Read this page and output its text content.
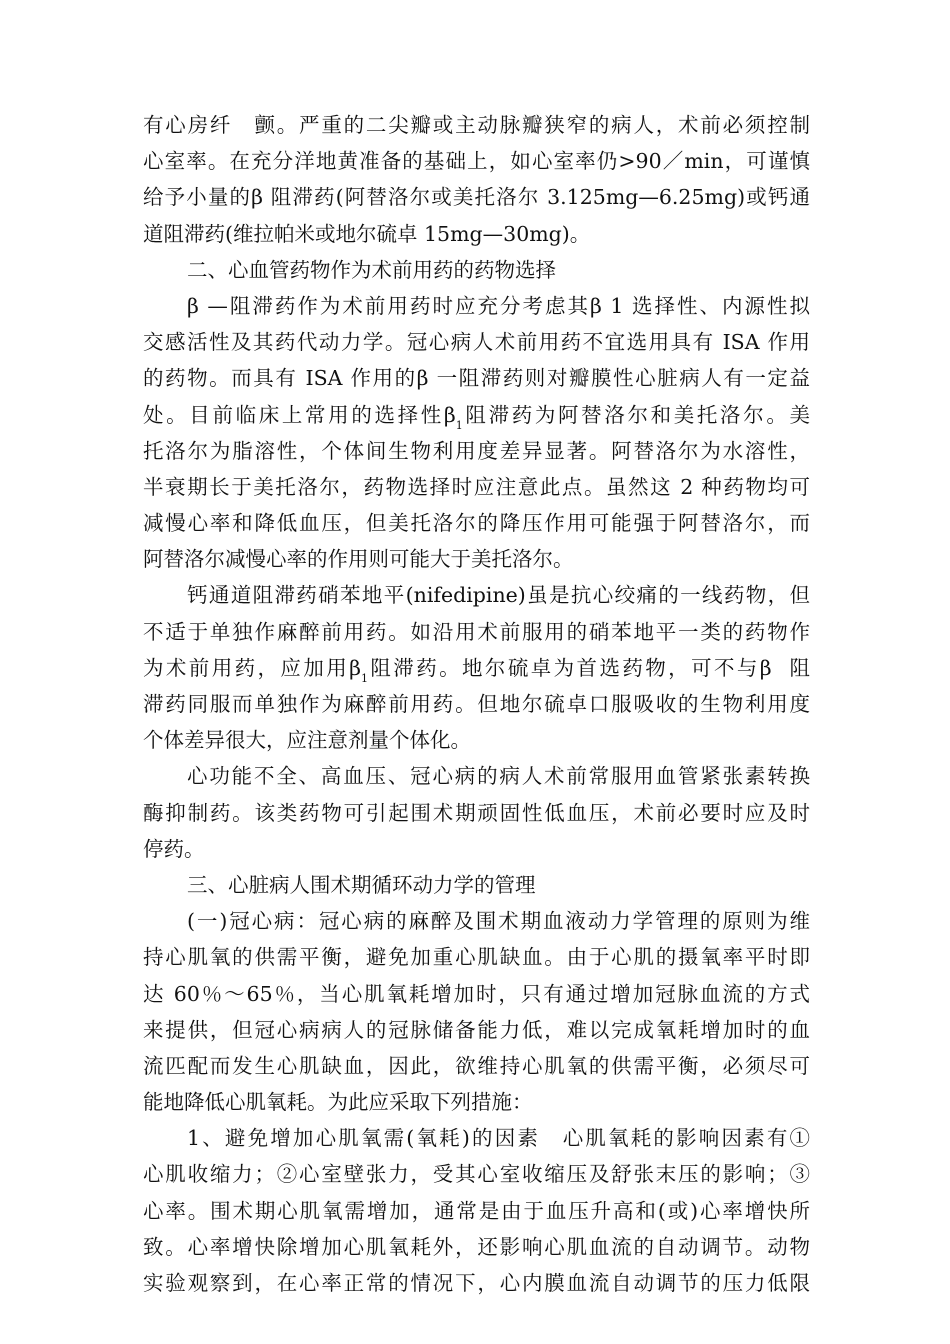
有心房纤　颤。严重的二尖瓣或主动脉瓣狭窄的病人，术前必须控制
心室率。在充分洋地黄准备的基础上，如心室率仍>90／min，可谨慎
给予小量的β 阻滞药(阿替洛尔或美托洛尔 3.125mg—6.25mg)或钙通
道阻滞药(维拉帕米或地尔硫卓 15mg—30mg)。
二、心血管药物作为术前用药的药物选择
β —阻滞药作为术前用药时应充分考虑其β 1 选择性、内源性拟
交感活性及其药代动力学。冠心病人术前用药不宜选用具有 ISA 作用
的药物。而具有 ISA 作用的β 一阻滞药则对瓣膜性心脏病人有一定益
处。目前临床上常用的选择性$\beta_1$阻滞药为阿替洛尔和美托洛尔。美
托洛尔为脂溶性，个体间生物利用度差异显著。阿替洛尔为水溶性，
半衰期长于美托洛尔，药物选择时应注意此点。虽然这 2 种药物均可
减慢心率和降低血压，但美托洛尔的降压作用可能强于阿替洛尔，而
阿替洛尔减慢心率的作用则可能大于美托洛尔。
钙通道阻滞药硝苯地平(nifedipine)虽是抗心绞痛的一线药物，但
不适于单独作麻醉前用药。如沿用术前服用的硝苯地平一类的药物作
为术前用药，应加用$\beta_1$阻滞药。地尔硫卓为首选药物，可不与β  阻
滞药同服而单独作为麻醉前用药。但地尔硫卓口服吸收的生物利用度
个体差异很大，应注意剂量个体化。
心功能不全、高血压、冠心病的病人术前常服用血管紧张素转换
酶抑制药。该类药物可引起围术期顽固性低血压，术前必要时应及时
停药。
三、心脏病人围术期循环动力学的管理
(一)冠心病：冠心病的麻醉及围术期血液动力学管理的原则为维
持心肌氧的供需平衡，避免加重心肌缺血。由于心肌的摄氧率平时即
达 60％～65％，当心肌氧耗增加时，只有通过增加冠脉血流的方式
来提供，但冠心病病人的冠脉储备能力低，难以完成氧耗增加时的血
流匹配而发生心肌缺血，因此，欲维持心肌氧的供需平衡，必须尽可
能地降低心肌氧耗。为此应采取下列措施：
1、避免增加心肌氧需(氧耗)的因素　心肌氧耗的影响因素有①
心肌收缩力；②心室壁张力，受其心室收缩压及舒张末压的影响；③
心率。围术期心肌氧需增加，通常是由于血压升高和(或)心率增快所
致。心率增快除增加心肌氧耗外，还影响心肌血流的自动调节。动物
实验观察到，在心率正常的情况下，心内膜血流自动调节的压力低限
